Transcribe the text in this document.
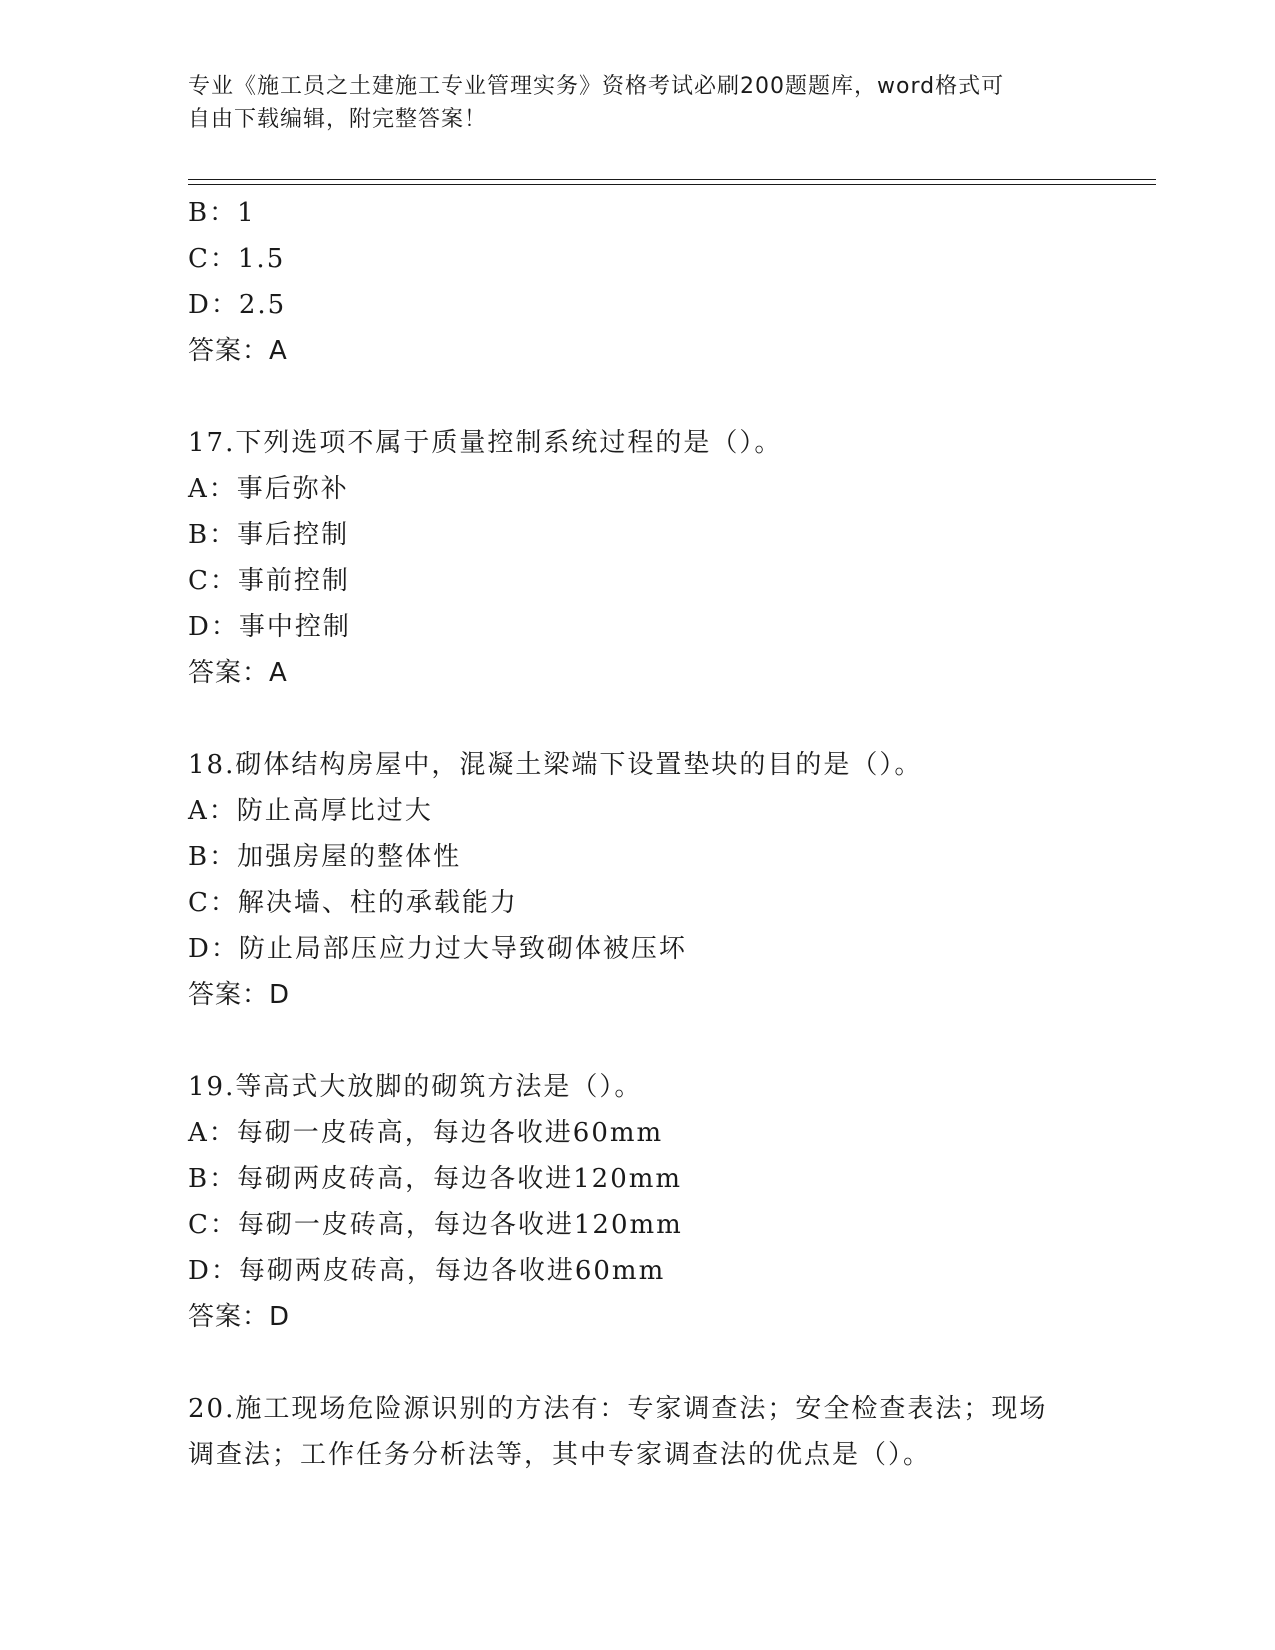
专业《施工员之土建施工专业管理实务》资格考试必刷200题题库，word格式可
自由下载编辑，附完整答案！
B：1
C：1.5
D：2.5
答案：A
17.下列选项不属于质量控制系统过程的是（）。
A：事后弥补
B：事后控制
C：事前控制
D：事中控制
答案：A
18.砌体结构房屋中，混凝土梁端下设置垫块的目的是（）。
A：防止高厚比过大
B：加强房屋的整体性
C：解决墙、柱的承载能力
D：防止局部压应力过大导致砌体被压坏
答案：D
19.等高式大放脚的砌筑方法是（）。
A：每砌一皮砖高，每边各收进60mm
B：每砌两皮砖高，每边各收进120mm
C：每砌一皮砖高，每边各收进120mm
D：每砌两皮砖高，每边各收进60mm
答案：D
20.施工现场危险源识别的方法有：专家调查法；安全检查表法；现场
调查法；工作任务分析法等，其中专家调查法的优点是（）。
